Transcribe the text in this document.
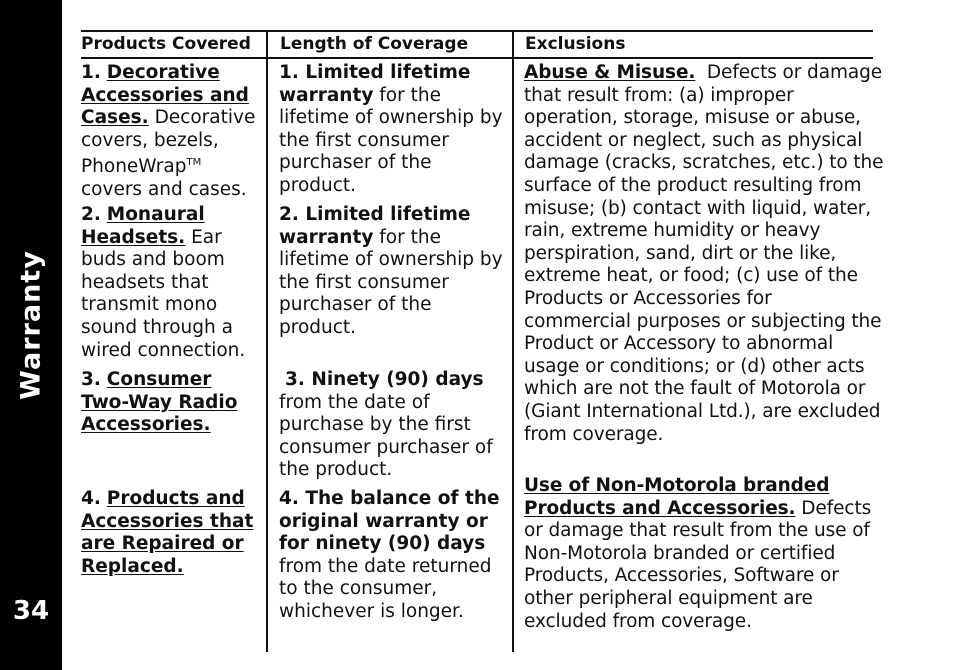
Warranty
34
Products Covered Length of Coverage	Exclusions
1. Decorative Accessories and Cases. Decorative covers, bezels, PhoneWrap™ covers and cases.
2. Monaural Headsets. Ear buds and boom headsets that transmit mono sound through a wired connection.
3. Consumer Two-Way Radio Accessories.
4. Products and Accessories that are Repaired or Replaced.
1. Limited lifetime warranty for the lifetime of ownership by the first consumer purchaser of the product.
2. Limited lifetime warranty for the lifetime of ownership by the first consumer purchaser of the product.
3. Ninety (90) days from the date of purchase by the first consumer purchaser of the product.
4. The balance of the original warranty or for ninety (90) days from the date returned to the consumer, whichever is longer.
Abuse & Misuse. Defects or damage that result from: (a) improper operation, storage, misuse or abuse, accident or neglect, such as physical damage (cracks, scratches, etc.) to the surface of the product resulting from misuse; (b) contact with liquid, water, rain, extreme humidity or heavy perspiration, sand, dirt or the like, extreme heat, or food; (c) use of the Products or Accessories for commercial purposes or subjecting the Product or Accessory to abnormal usage or conditions; or (d) other acts which are not the fault of Motorola or (Giant International Ltd.), are excluded from coverage.
Use of Non-Motorola branded Products and Accessories. Defects or damage that result from the use of Non-Motorola branded or certified Products, Accessories, Software or other peripheral equipment are excluded from coverage.
